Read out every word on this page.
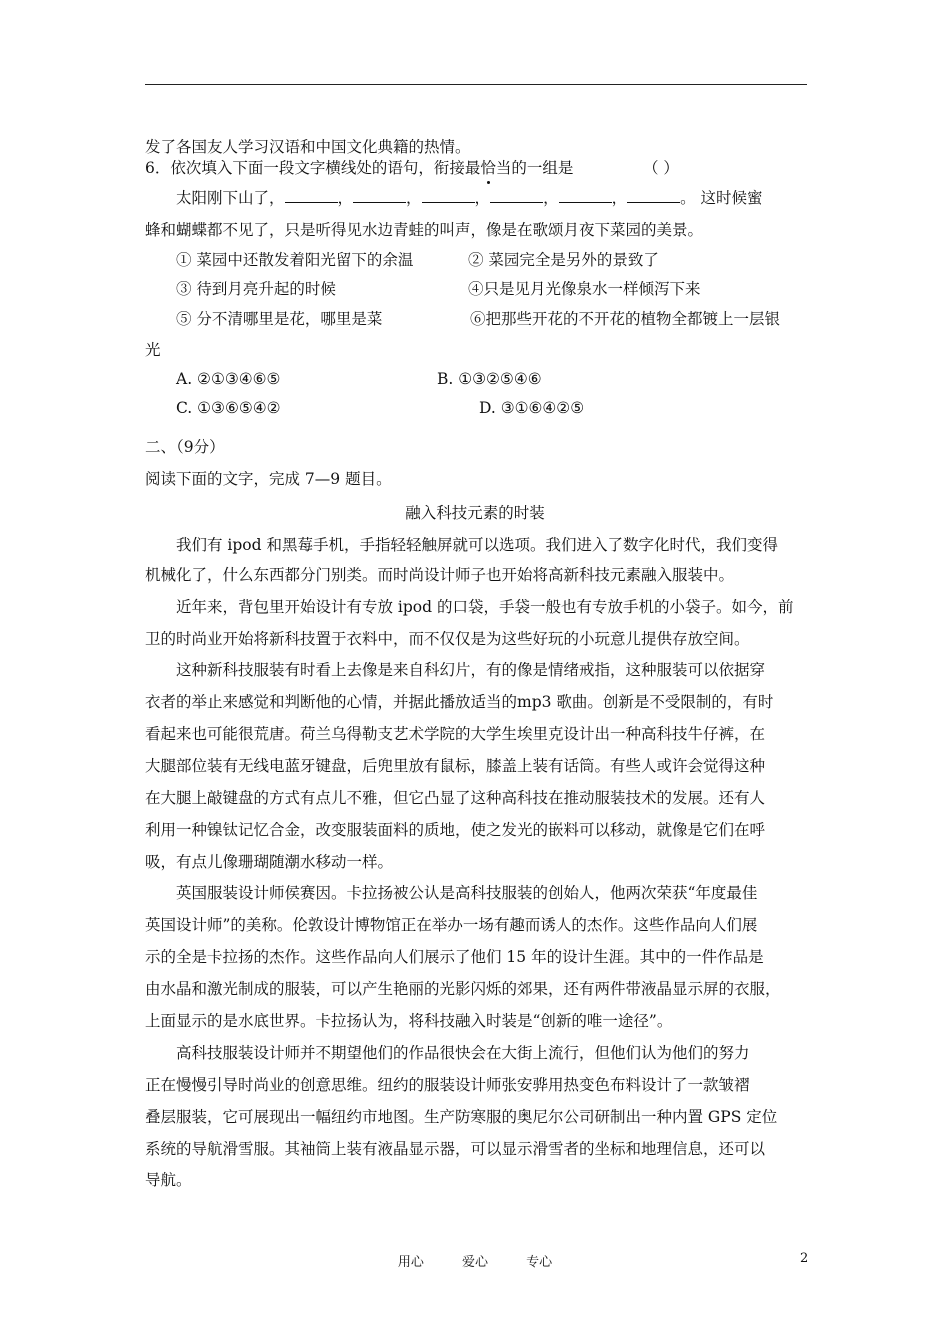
发了各国友人学习汉语和中国文化典籍的热情。
6．依次填入下面一段文字横线处的语句，衔接最恰当的一组是	（ ）
太阳刚下山了，	，	，	，	，	，	。 这时候蜜
蜂和蝴蝶都不见了，只是听得见水边青蛙的叫声，像是在歌颂月夜下菜园的美景。
① 菜园中还散发着阳光留下的余温	② 菜园完全是另外的景致了
③ 待到月亮升起的时候	④只是见月光像泉水一样倾泻下来
⑤ 分不清哪里是花，哪里是菜	⑥把那些开花的不开花的植物全都镀上一层银
光
A. ②①③④⑥⑤	B. ①③②⑤④⑥
C. ①③⑥⑤④②	D. ③①⑥④②⑤
二、（9分）
阅读下面的文字，完成 7—9 题目。
融入科技元素的时装
我们有 ipod 和黑莓手机，手指轻轻触屏就可以选项。我们进入了数字化时代，我们变得
机械化了，什么东西都分门别类。而时尚设计师子也开始将高新科技元素融入服装中。
近年来，背包里开始设计有专放 ipod 的口袋，手袋一般也有专放手机的小袋子。如今，前
卫的时尚业开始将新科技置于衣料中，而不仅仅是为这些好玩的小玩意儿提供存放空间。
这种新科技服装有时看上去像是来自科幻片，有的像是情绪戒指，这种服装可以依据穿
衣者的举止来感觉和判断他的心情，并据此播放适当的mp3 歌曲。创新是不受限制的，有时
看起来也可能很荒唐。荷兰乌得勒支艺术学院的大学生埃里克设计出一种高科技牛仔裤，在
大腿部位装有无线电蓝牙键盘，后兜里放有鼠标，膝盖上装有话筒。有些人或许会觉得这种
在大腿上敲键盘的方式有点儿不雅，但它凸显了这种高科技在推动服装技术的发展。还有人
利用一种镍钛记忆合金，改变服装面料的质地，使之发光的嵌料可以移动，就像是它们在呼
吸，有点儿像珊瑚随潮水移动一样。
英国服装设计师侯赛因。卡拉扬被公认是高科技服装的创始人，他两次荣获“年度最佳
英国设计师”的美称。伦敦设计博物馆正在举办一场有趣而诱人的杰作。这些作品向人们展
示的全是卡拉扬的杰作。这些作品向人们展示了他们 15 年的设计生涯。其中的一件作品是
由水晶和激光制成的服装，可以产生艳丽的光影闪烁的郊果，还有两件带液晶显示屏的衣服，
上面显示的是水底世界。卡拉扬认为，将科技融入时装是“创新的唯一途径”。
高科技服装设计师并不期望他们的作品很快会在大街上流行，但他们认为他们的努力
正在慢慢引导时尚业的创意思维。纽约的服装设计师张安骅用热变色布料设计了一款皱褶
叠层服装，它可展现出一幅纽约市地图。生产防寒服的奥尼尔公司研制出一种内置 GPS 定位
系统的导航滑雪服。其袖筒上装有液晶显示器，可以显示滑雪者的坐标和地理信息，还可以
导航。
用心	爱心	专心	2
